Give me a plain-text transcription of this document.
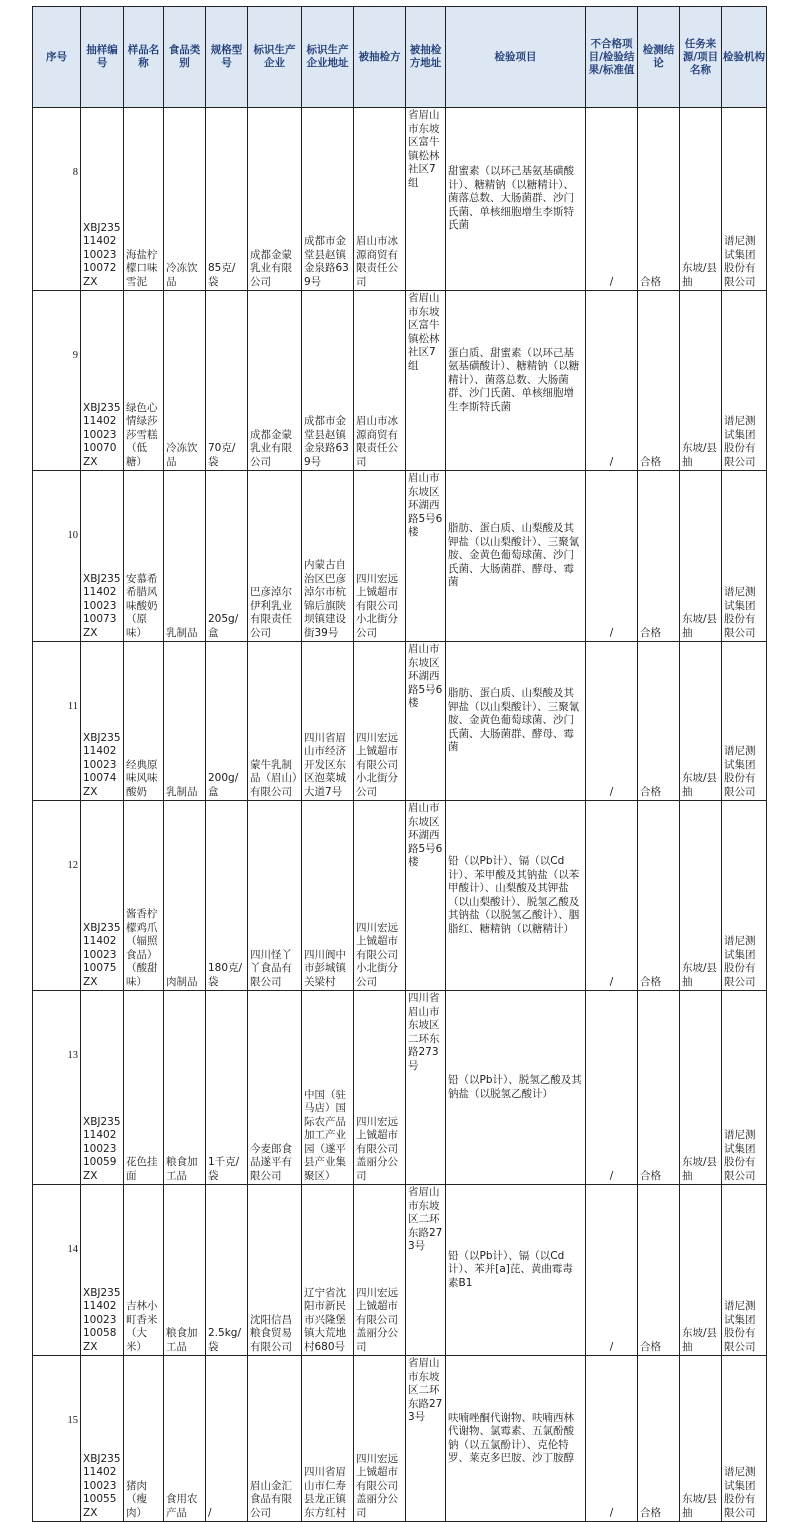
序号	抽样编号	样品名称	食品类别	规格型号	标识生产企业	标识生产企业地址	被抽检方	被抽检方地址	检验项目	不合格项目/检验结果/标准值	检测结论	任务来源/项目名称	检验机构
8	XBJ235114021002310072ZX	海盐柠檬口味雪泥	冷冻饮品	85克/袋	成都金蒙乳业有限公司	成都市金堂县赵镇金泉路639号	眉山市冰源商贸有限责任公司	省眉山市东坡区富牛镇松林社区7组	甜蜜素（以环己基氨基磺酸计）、糖精钠（以糖精计）、菌落总数、大肠菌群、沙门氏菌、单核细胞增生李斯特氏菌	/	合格	东坡/县抽	谱尼测试集团股份有限公司
9	XBJ235114021002310070ZX	绿色心情绿莎莎雪糕（低糖）	冷冻饮品	70克/袋	成都金蒙乳业有限公司	成都市金堂县赵镇金泉路639号	眉山市冰源商贸有限责任公司	省眉山市东坡区富牛镇松林社区7组	蛋白质、甜蜜素（以环己基氨基磺酸计）、糖精钠（以糖精计）、菌落总数、大肠菌群、沙门氏菌、单核细胞增生李斯特氏菌	/	合格	东坡/县抽	谱尼测试集团股份有限公司
10	XBJ235114021002310073ZX	安慕希希腊风味酸奶（原味）	乳制品	205g/盒	巴彦淖尔伊利乳业有限责任公司	内蒙古自治区巴彦淖尔市杭锦后旗陕坝镇建设街39号	四川宏远上铖超市有限公司小北街分公司	眉山市东坡区环湖西路5号6楼	脂肪、蛋白质、山梨酸及其钾盐（以山梨酸计）、三聚氰胺、金黄色葡萄球菌、沙门氏菌、大肠菌群、酵母、霉菌	/	合格	东坡/县抽	谱尼测试集团股份有限公司
11	XBJ235114021002310074ZX	经典原味风味酸奶	乳制品	200g/盒	蒙牛乳制品（眉山）有限公司	四川省眉山市经济开发区东区泡菜城大道7号	四川宏远上铖超市有限公司小北街分公司	眉山市东坡区环湖西路5号6楼	脂肪、蛋白质、山梨酸及其钾盐（以山梨酸计）、三聚氰胺、金黄色葡萄球菌、沙门氏菌、大肠菌群、酵母、霉菌	/	合格	东坡/县抽	谱尼测试集团股份有限公司
12	XBJ235114021002310075ZX	酱香柠檬鸡爪（辐照食品）（酸甜味）	肉制品	180克/袋	四川怪丫丫食品有限公司	四川阆中市彭城镇关梁村	四川宏远上铖超市有限公司小北街分公司	眉山市东坡区环湖西路5号6楼	铅（以Pb计）、镉（以Cd计）、苯甲酸及其钠盐（以苯甲酸计）、山梨酸及其钾盐（以山梨酸计）、脱氢乙酸及其钠盐（以脱氢乙酸计）、胭脂红、糖精钠（以糖精计）	/	合格	东坡/县抽	谱尼测试集团股份有限公司
13	XBJ235114021002310059ZX	花色挂面	粮食加工品	1千克/袋	今麦郎食品遂平有限公司	中国（驻马店）国际农产品加工产业园（遂平县产业集聚区）	四川宏远上铖超市有限公司盖丽分公司	四川省眉山市东坡区二环东路273号	铅（以Pb计）、脱氢乙酸及其钠盐（以脱氢乙酸计）	/	合格	东坡/县抽	谱尼测试集团股份有限公司
14	XBJ235114021002310058ZX	吉林小町香米（大米）	粮食加工品	2.5kg/袋	沈阳信昌粮食贸易有限公司	辽宁省沈阳市新民市兴隆堡镇大荒地村680号	四川宏远上铖超市有限公司盖丽分公司	省眉山市东坡区二环东路273号	铅（以Pb计）、镉（以Cd计）、苯并[a]芘、黄曲霉毒素B1	/	合格	东坡/县抽	谱尼测试集团股份有限公司
15	XBJ235114021002310055ZX	猪肉（瘦肉）	食用农产品	/	眉山金汇食品有限公司	四川省眉山市仁寿县龙正镇东方红村	四川宏远上铖超市有限公司盖丽分公司	省眉山市东坡区二环东路273号	呋喃唑酮代谢物、呋喃西林代谢物、氯霉素、五氯酚酸钠（以五氯酚计）、克伦特罗、莱克多巴胺、沙丁胺醇	/	合格	东坡/县抽	谱尼测试集团股份有限公司
